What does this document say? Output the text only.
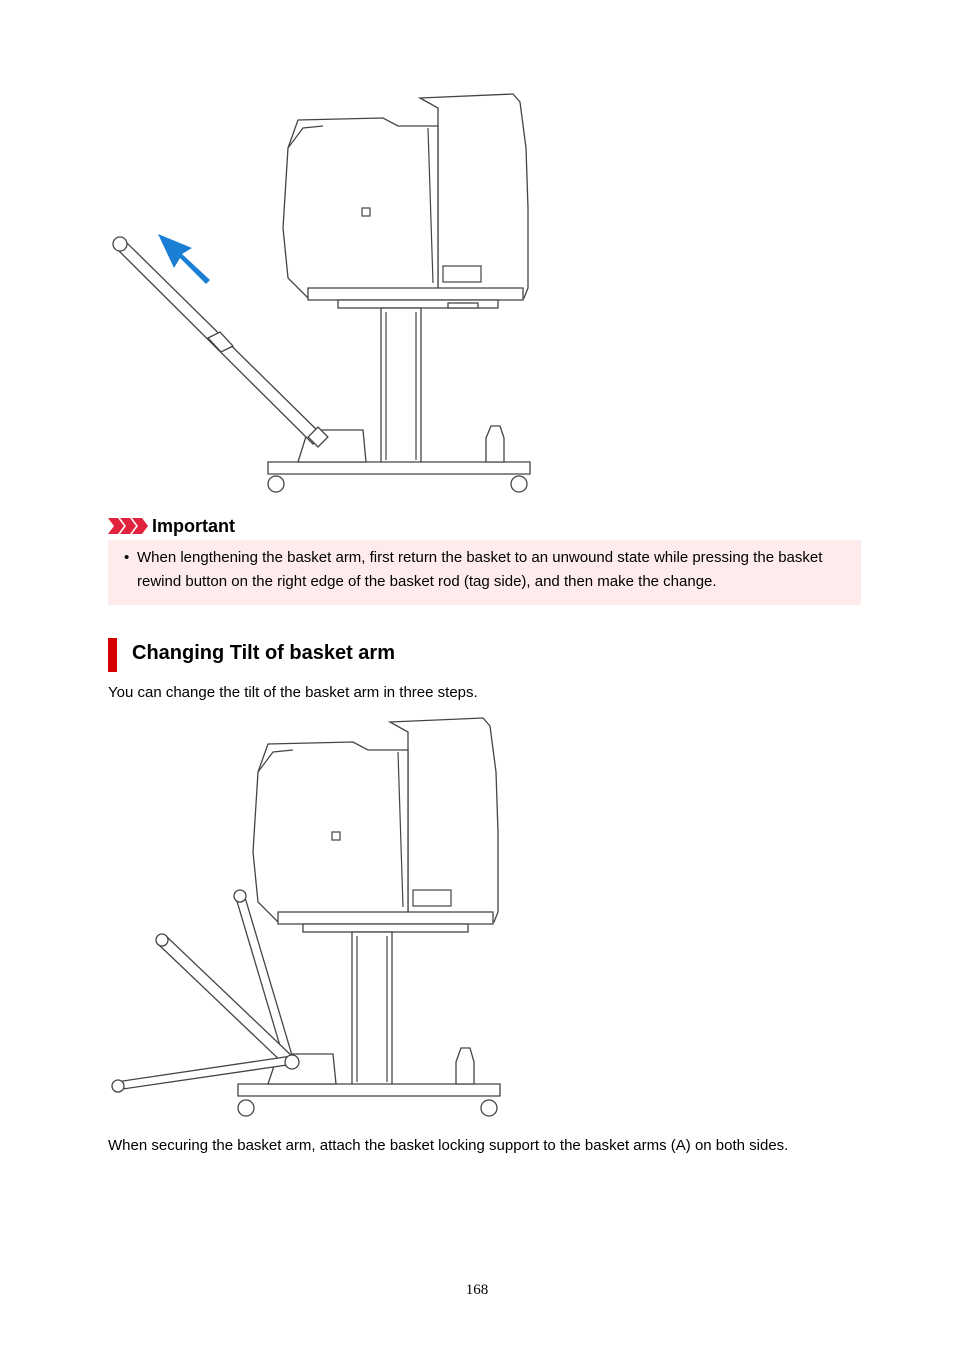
Important
• When lengthening the basket arm, first return the basket to an unwound state while pressing the basket rewind button on the right edge of the basket rod (tag side), and then make the change.
Changing Tilt of basket arm
You can change the tilt of the basket arm in three steps.
When securing the basket arm, attach the basket locking support to the basket arms (A) on both sides.
168
